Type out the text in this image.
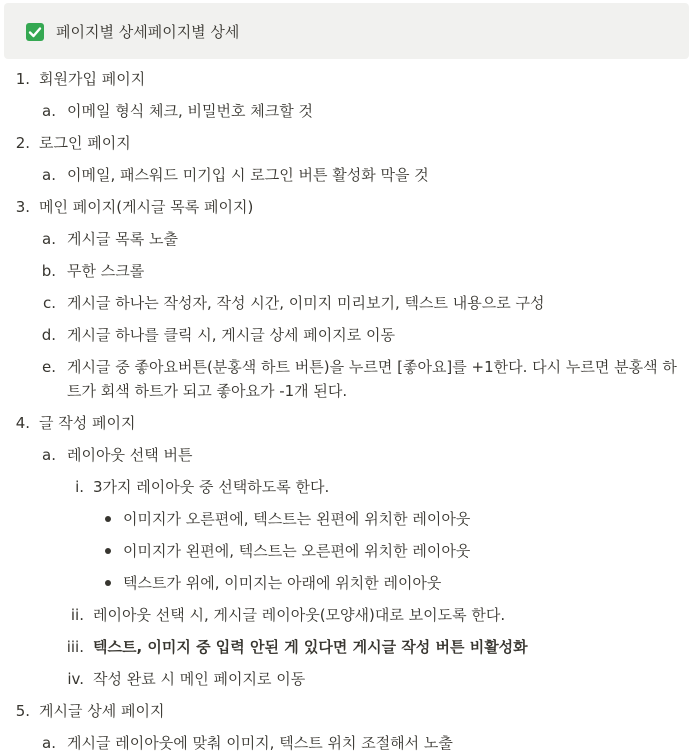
페이지별 상세페이지별 상세
1. 회원가입 페이지
a. 이메일 형식 체크, 비밀번호 체크할 것
2. 로그인 페이지
a. 이메일, 패스워드 미기입 시 로그인 버튼 활성화 막을 것
3. 메인 페이지(게시글 목록 페이지)
a. 게시글 목록 노출
b. 무한 스크롤
c. 게시글 하나는 작성자, 작성 시간, 이미지 미리보기, 텍스트 내용으로 구성
d. 게시글 하나를 클릭 시, 게시글 상세 페이지로 이동
e. 게시글 중 좋아요버튼(분홍색 하트 버튼)을 누르면 [좋아요]를 +1한다. 다시 누르면 분홍색 하트가 회색 하트가 되고 좋아요가 -1개 된다.
4. 글 작성 페이지
a. 레이아웃 선택 버튼
i. 3가지 레이아웃 중 선택하도록 한다.
이미지가 오른편에, 텍스트는 왼편에 위치한 레이아웃
이미지가 왼편에, 텍스트는 오른편에 위치한 레이아웃
텍스트가 위에, 이미지는 아래에 위치한 레이아웃
ii. 레이아웃 선택 시, 게시글 레이아웃(모양새)대로 보이도록 한다.
iii. 텍스트, 이미지 중 입력 안된 게 있다면 게시글 작성 버튼 비활성화
iv. 작성 완료 시 메인 페이지로 이동
5. 게시글 상세 페이지
a. 게시글 레이아웃에 맞춰 이미지, 텍스트 위치 조절해서 노출
